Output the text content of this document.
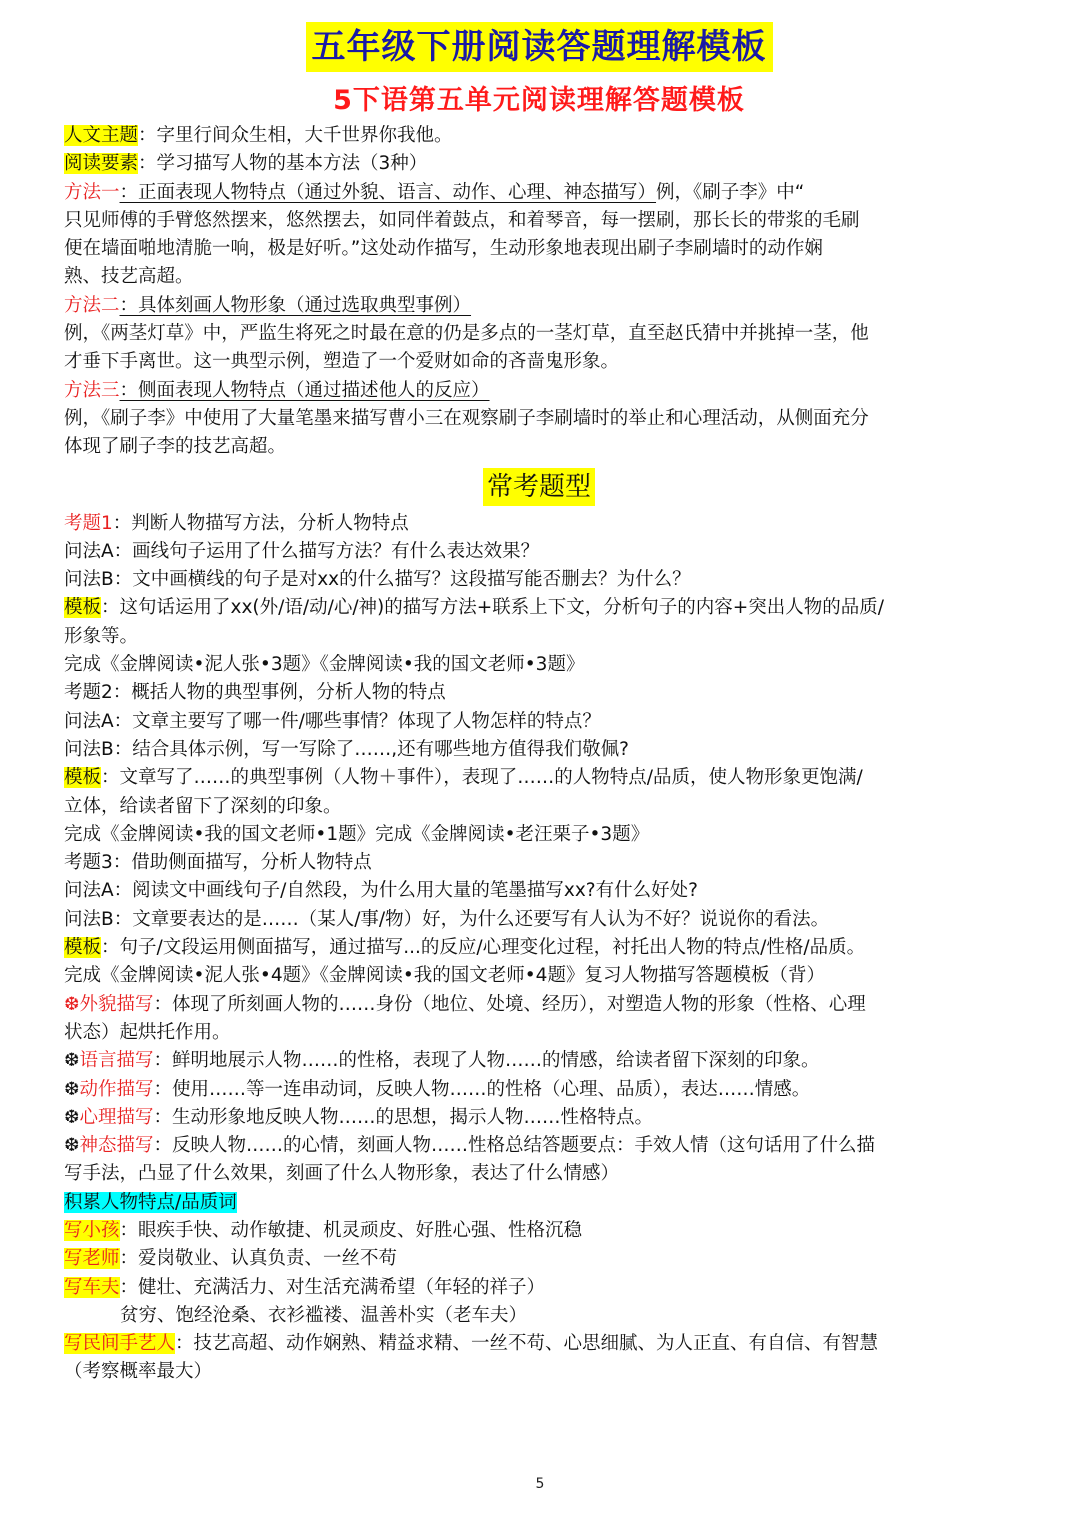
五年级下册阅读答题理解模板
5下语第五单元阅读理解答题模板
人文主题：字里行间众生相，大千世界你我他。
阅读要素：学习描写人物的基本方法（3种）
方法一：正面表现人物特点（通过外貌、语言、动作、心理、神态描写）例，《刷子李》中“
只见师傅的手臂悠然摆来，悠然摆去，如同伴着鼓点，和着琴音，每一摆刷，那长长的带浆的毛刷
便在墙面啪地清脆一响，极是好听。”这处动作描写，生动形象地表现出刷子李刷墙时的动作娴
熟、技艺高超。
方法二：具体刻画人物形象（通过选取典型事例）
例，《两茎灯草》中，严监生将死之时最在意的仍是多点的一茎灯草，直至赵氏猜中并挑掉一茎，他
才垂下手离世。这一典型示例，塑造了一个爱财如命的吝啬鬼形象。
方法三：侧面表现人物特点（通过描述他人的反应）
例，《刷子李》中使用了大量笔墨来描写曹小三在观察刷子李刷墙时的举止和心理活动，从侧面充分
体现了刷子李的技艺高超。
常考题型
考题1：判断人物描写方法，分析人物特点
问法A：画线句子运用了什么描写方法？有什么表达效果？
问法B：文中画横线的句子是对xx的什么描写？这段描写能否删去？为什么？
模板：这句话运用了xx(外/语/动/心/神)的描写方法+联系上下文，分析句子的内容+突出人物的品质/
形象等。
完成《金牌阅读•泥人张•3题》《金牌阅读•我的国文老师•3题》
考题2：概括人物的典型事例，分析人物的特点
问法A：文章主要写了哪一件/哪些事情？体现了人物怎样的特点？
问法B：结合具体示例，写一写除了……,还有哪些地方值得我们敬佩?
模板：文章写了……的典型事例（人物＋事件），表现了……的人物特点/品质，使人物形象更饱满/
立体，给读者留下了深刻的印象。
完成《金牌阅读•我的国文老师•1题》完成《金牌阅读•老汪栗子•3题》
考题3：借助侧面描写，分析人物特点
问法A：阅读文中画线句子/自然段，为什么用大量的笔墨描写xx?有什么好处?
问法B：文章要表达的是……（某人/事/物）好，为什么还要写有人认为不好？说说你的看法。
模板：句子/文段运用侧面描写，通过描写...的反应/心理变化过程，衬托出人物的特点/性格/品质。
完成《金牌阅读•泥人张•4题》《金牌阅读•我的国文老师•4题》复习人物描写答题模板（背）
❆外貌描写：体现了所刻画人物的……身份（地位、处境、经历），对塑造人物的形象（性格、心理
状态）起烘托作用。
❆语言描写：鲜明地展示人物……的性格，表现了人物……的情感，给读者留下深刻的印象。
❆动作描写：使用……等一连串动词，反映人物……的性格（心理、品质），表达……情感。
❆心理描写：生动形象地反映人物……的思想，揭示人物……性格特点。
❆神态描写：反映人物……的心情，刻画人物……性格总结答题要点：手效人情（这句话用了什么描
写手法，凸显了什么效果，刻画了什么人物形象，表达了什么情感）
积累人物特点/品质词
写小孩：眼疾手快、动作敏捷、机灵顽皮、好胜心强、性格沉稳
写老师：爱岗敬业、认真负责、一丝不苟
写车夫：健壮、充满活力、对生活充满希望（年轻的祥子）
贫穷、饱经沧桑、衣衫褴褛、温善朴实（老车夫）
写民间手艺人：技艺高超、动作娴熟、精益求精、一丝不苟、心思细腻、为人正直、有自信、有智慧
（考察概率最大）
5
